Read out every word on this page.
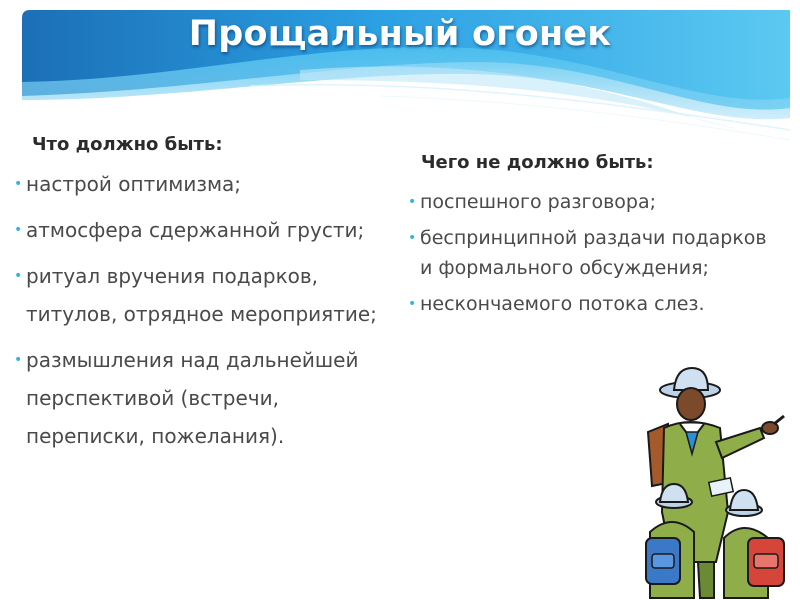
Прощальный огонек
Что должно быть:
• настрой оптимизма;
• атмосфера сдержанной грусти;
• ритуал вручения подарков, титулов, отрядное мероприятие;
• размышления над дальнейшей перспективой (встречи, переписки, пожелания).
Чего не должно быть:
• поспешного разговора;
• беспринципной раздачи подарков и формального обсуждения;
• нескончаемого потока слез.
